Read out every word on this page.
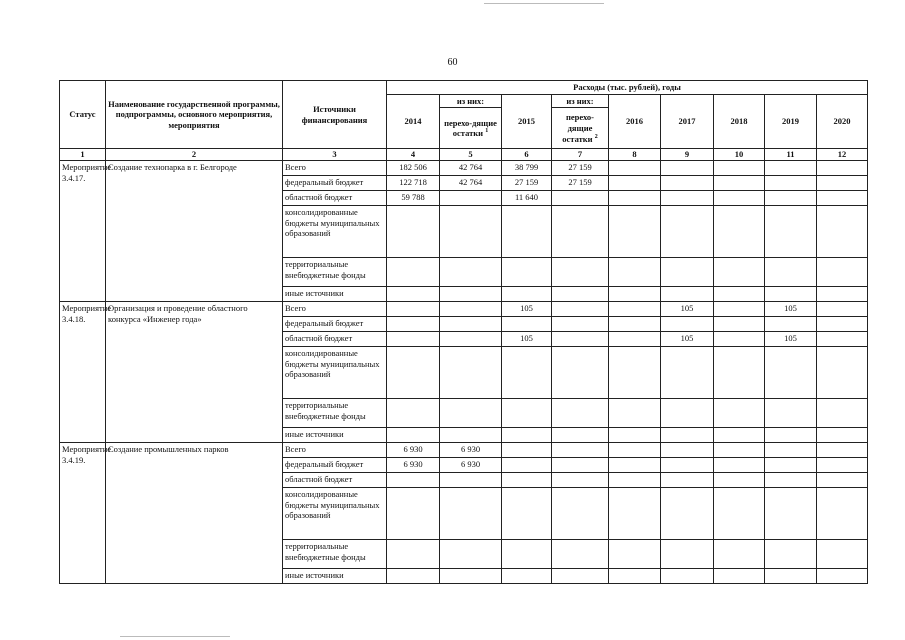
60
Статус	Наименование государственной программы, подпрограммы, основного мероприятия, мероприятия	Источники финансирования	Расходы (тыс. рублей), годы								
			2014	из них:	2015	из них:	2016	2017	2018	2019	2020
				перехо-дящие остатки $^1$		перехо-дящие остатки $^2$
1	2	3	4	5	6	7	8	9	10	11	12
Мероприятие 3.4.17.	Создание технопарка в г. Белгороде	Всего	182 506	42 764	38 799	27 159					
		федеральный бюджет	122 718	42 764	27 159	27 159					
		областной бюджет	59 788		11 640						
		консолидированные бюджеты муниципальных образований									
		территориальные внебюджетные фонды									
		иные источники									
Мероприятие 3.4.18.	Организация и проведение областного конкурса «Инженер года»	Всего			105			105		105	
		федеральный бюджет									
		областной бюджет			105			105		105	
		консолидированные бюджеты муниципальных образований									
		территориальные внебюджетные фонды									
		иные источники									
Мероприятие 3.4.19.	Создание промышленных парков	Всего	6 930	6 930							
		федеральный бюджет	6 930	6 930							
		областной бюджет									
		консолидированные бюджеты муниципальных образований									
		территориальные внебюджетные фонды									
		иные источники									
